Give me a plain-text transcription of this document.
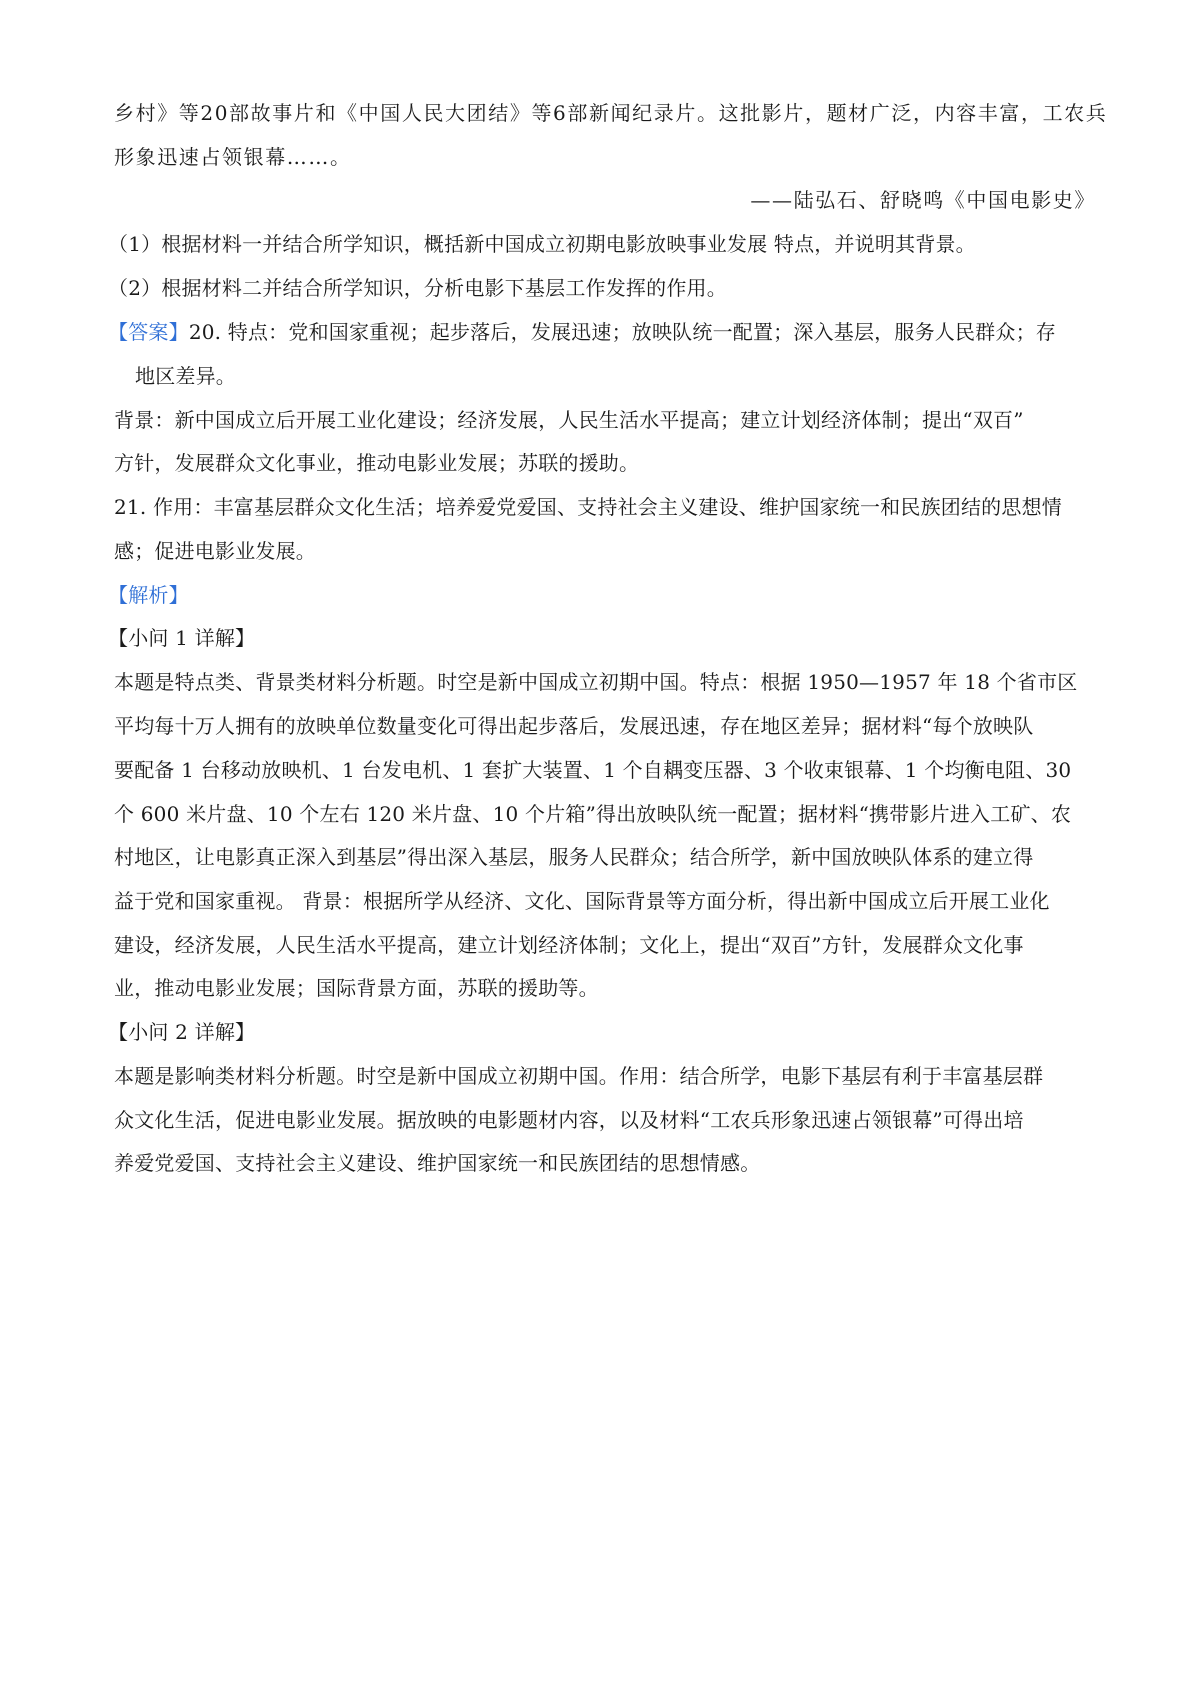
乡村》等20部故事片和《中国人民大团结》等6部新闻纪录片。这批影片，题材广泛，内容丰富，工农兵
形象迅速占领银幕……。
——陆弘石、舒晓鸣《中国电影史》
（1）根据材料一并结合所学知识，概括新中国成立初期电影放映事业发展 特点，并说明其背景。
（2）根据材料二并结合所学知识，分析电影下基层工作发挥的作用。
【答案】20. 特点：党和国家重视；起步落后，发展迅速；放映队统一配置；深入基层，服务人民群众；存
地区差异。
背景：新中国成立后开展工业化建设；经济发展，人民生活水平提高；建立计划经济体制；提出“双百”
方针，发展群众文化事业，推动电影业发展；苏联的援助。
21. 作用：丰富基层群众文化生活；培养爱党爱国、支持社会主义建设、维护国家统一和民族团结的思想情
感；促进电影业发展。
【解析】
【小问 1 详解】
本题是特点类、背景类材料分析题。时空是新中国成立初期中国。特点：根据 1950—1957 年 18 个省市区
平均每十万人拥有的放映单位数量变化可得出起步落后，发展迅速，存在地区差异；据材料“每个放映队
要配备 1 台移动放映机、1 台发电机、1 套扩大装置、1 个自耦变压器、3 个收束银幕、1 个均衡电阻、30
个 600 米片盘、10 个左右 120 米片盘、10 个片箱”得出放映队统一配置；据材料“携带影片进入工矿、农
村地区，让电影真正深入到基层”得出深入基层，服务人民群众；结合所学，新中国放映队体系的建立得
益于党和国家重视。 背景：根据所学从经济、文化、国际背景等方面分析，得出新中国成立后开展工业化
建设，经济发展，人民生活水平提高，建立计划经济体制；文化上，提出“双百”方针，发展群众文化事
业，推动电影业发展；国际背景方面，苏联的援助等。
【小问 2 详解】
本题是影响类材料分析题。时空是新中国成立初期中国。作用：结合所学，电影下基层有利于丰富基层群
众文化生活，促进电影业发展。据放映的电影题材内容，以及材料“工农兵形象迅速占领银幕”可得出培
养爱党爱国、支持社会主义建设、维护国家统一和民族团结的思想情感。
